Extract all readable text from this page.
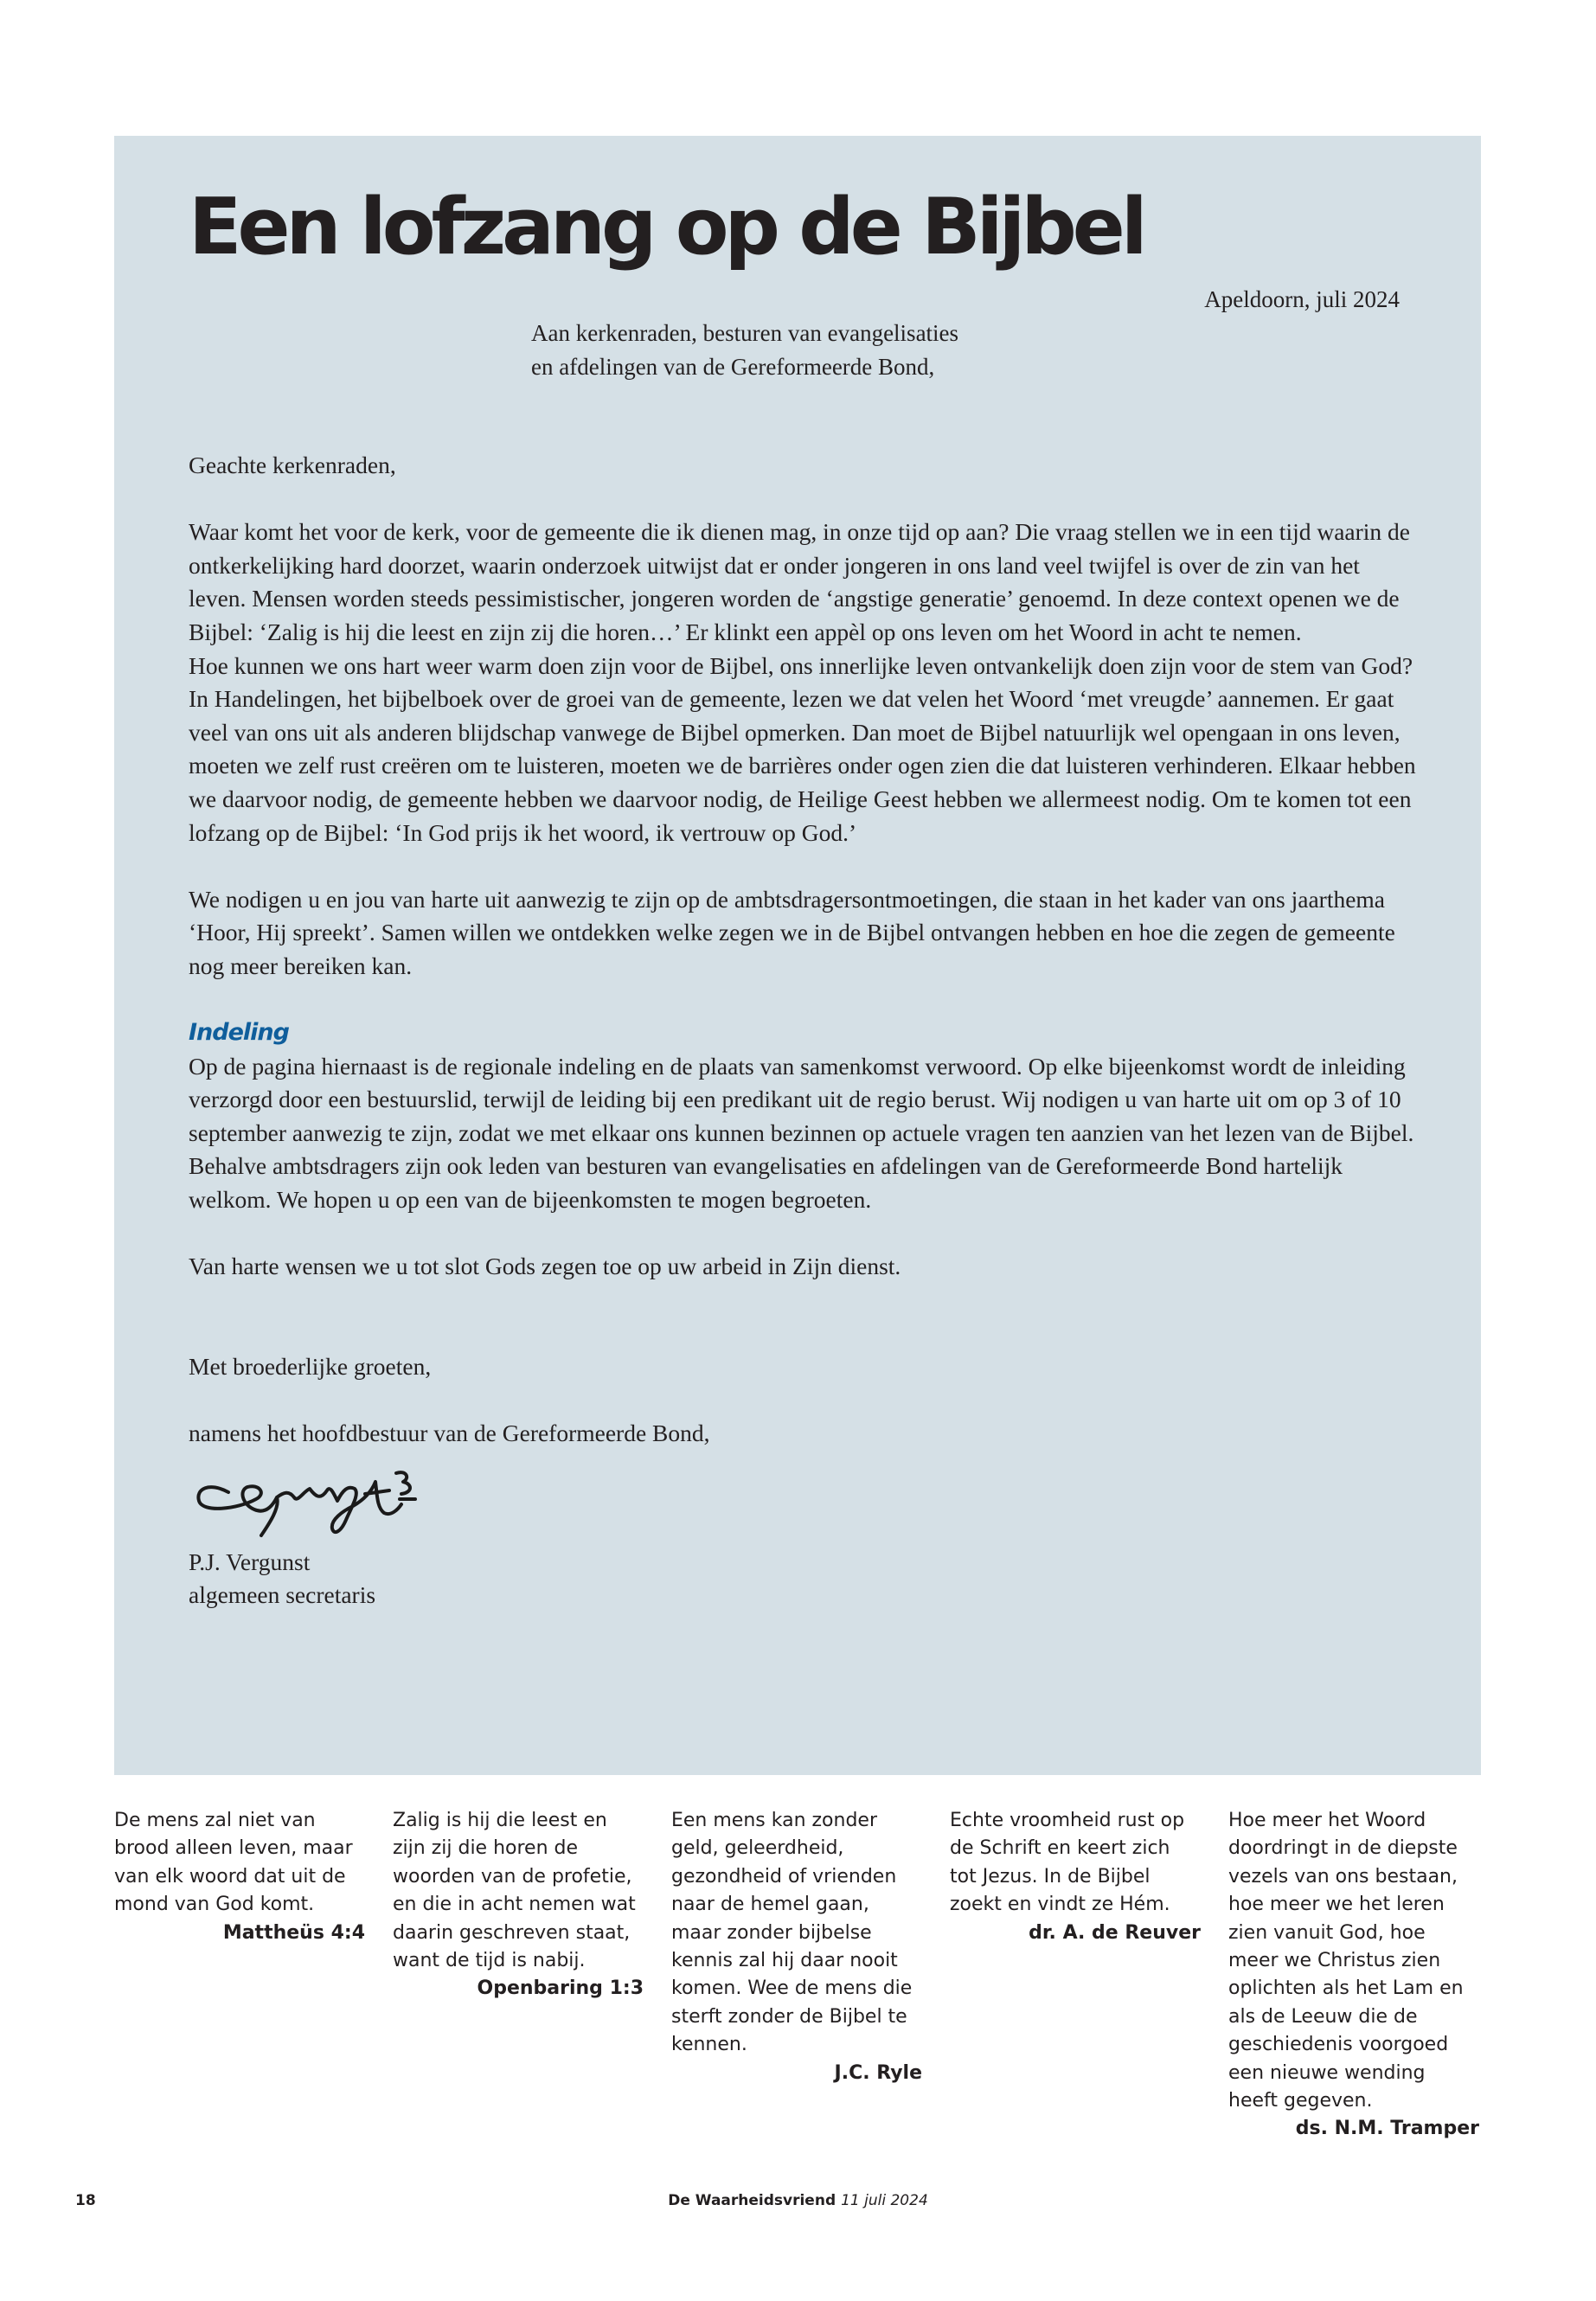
Een lofzang op de Bijbel
Apeldoorn, juli 2024
Aan kerkenraden, besturen van evangelisaties
en afdelingen van de Gereformeerde Bond,

Geachte kerkenraden,

Waar komt het voor de kerk, voor de gemeente die ik dienen mag, in onze tijd op aan? Die vraag stellen we in een tijd waarin de ontkerkelijking hard doorzet, waarin onderzoek uitwijst dat er onder jongeren in ons land veel twijfel is over de zin van het leven. Mensen worden steeds pessimistischer, jongeren worden de ‘angstige generatie’ genoemd. In deze context openen we de Bijbel: ‘Zalig is hij die leest en zijn zij die horen…’ Er klinkt een appèl op ons leven om het Woord in acht te nemen.

Hoe kunnen we ons hart weer warm doen zijn voor de Bijbel, ons innerlijke leven ontvankelijk doen zijn voor de stem van God? In Handelingen, het bijbelboek over de groei van de gemeente, lezen we dat velen het Woord ‘met vreugde’ aannemen. Er gaat veel van ons uit als anderen blijdschap vanwege de Bijbel opmerken. Dan moet de Bijbel natuurlijk wel opengaan in ons leven, moeten we zelf rust creëren om te luisteren, moeten we de barrières onder ogen zien die dat luisteren verhinderen. Elkaar hebben we daarvoor nodig, de gemeente hebben we daarvoor nodig, de Heilige Geest hebben we allermeest nodig. Om te komen tot een lofzang op de Bijbel: ‘In God prijs ik het woord, ik vertrouw op God.’

We nodigen u en jou van harte uit aanwezig te zijn op de ambtsdragersontmoetingen, die staan in het kader van ons jaarthema ‘Hoor, Hij spreekt’. Samen willen we ontdekken welke zegen we in de Bijbel ontvangen hebben en hoe die zegen de gemeente nog meer bereiken kan.

Indeling

Op de pagina hiernaast is de regionale indeling en de plaats van samenkomst verwoord. Op elke bijeenkomst wordt de inleiding verzorgd door een bestuurslid, terwijl de leiding bij een predikant uit de regio berust. Wij nodigen u van harte uit om op 3 of 10 september aanwezig te zijn, zodat we met elkaar ons kunnen bezinnen op actuele vragen ten aanzien van het lezen van de Bijbel.

Behalve ambtsdragers zijn ook leden van besturen van evangelisaties en afdelingen van de Gereformeerde Bond hartelijk welkom. We hopen u op een van de bijeenkomsten te mogen begroeten.

Van harte wensen we u tot slot Gods zegen toe op uw arbeid in Zijn dienst.

Met broederlijke groeten,

namens het hoofdbestuur van de Gereformeerde Bond,

P.J. Vergunst

algemeen secretaris

De mens zal niet van brood alleen leven, maar van elk woord dat uit de mond van God komt.

Mattheüs 4:4

Zalig is hij die leest en zijn zij die horen de woorden van de profetie, en die in acht nemen wat daarin geschreven staat, want de tijd is nabij.

Openbaring 1:3

Een mens kan zonder geld, geleerdheid, gezondheid of vrienden naar de hemel gaan, maar zonder bijbelse kennis zal hij daar nooit komen. Wee de mens die sterft zonder de Bijbel te kennen.

J.C. Ryle

Echte vroomheid rust op de Schrift en keert zich tot Jezus. In de Bijbel zoekt en vindt ze Hém.

dr. A. de Reuver

Hoe meer het Woord doordringt in de diepste vezels van ons bestaan, hoe meer we het leren zien vanuit God, hoe meer we Christus zien oplichten als het Lam en als de Leeuw die de geschiedenis voorgoed een nieuwe wending heeft gegeven.

ds. N.M. Tramper

18	De Waarheidsvriend 11 juli 2024
